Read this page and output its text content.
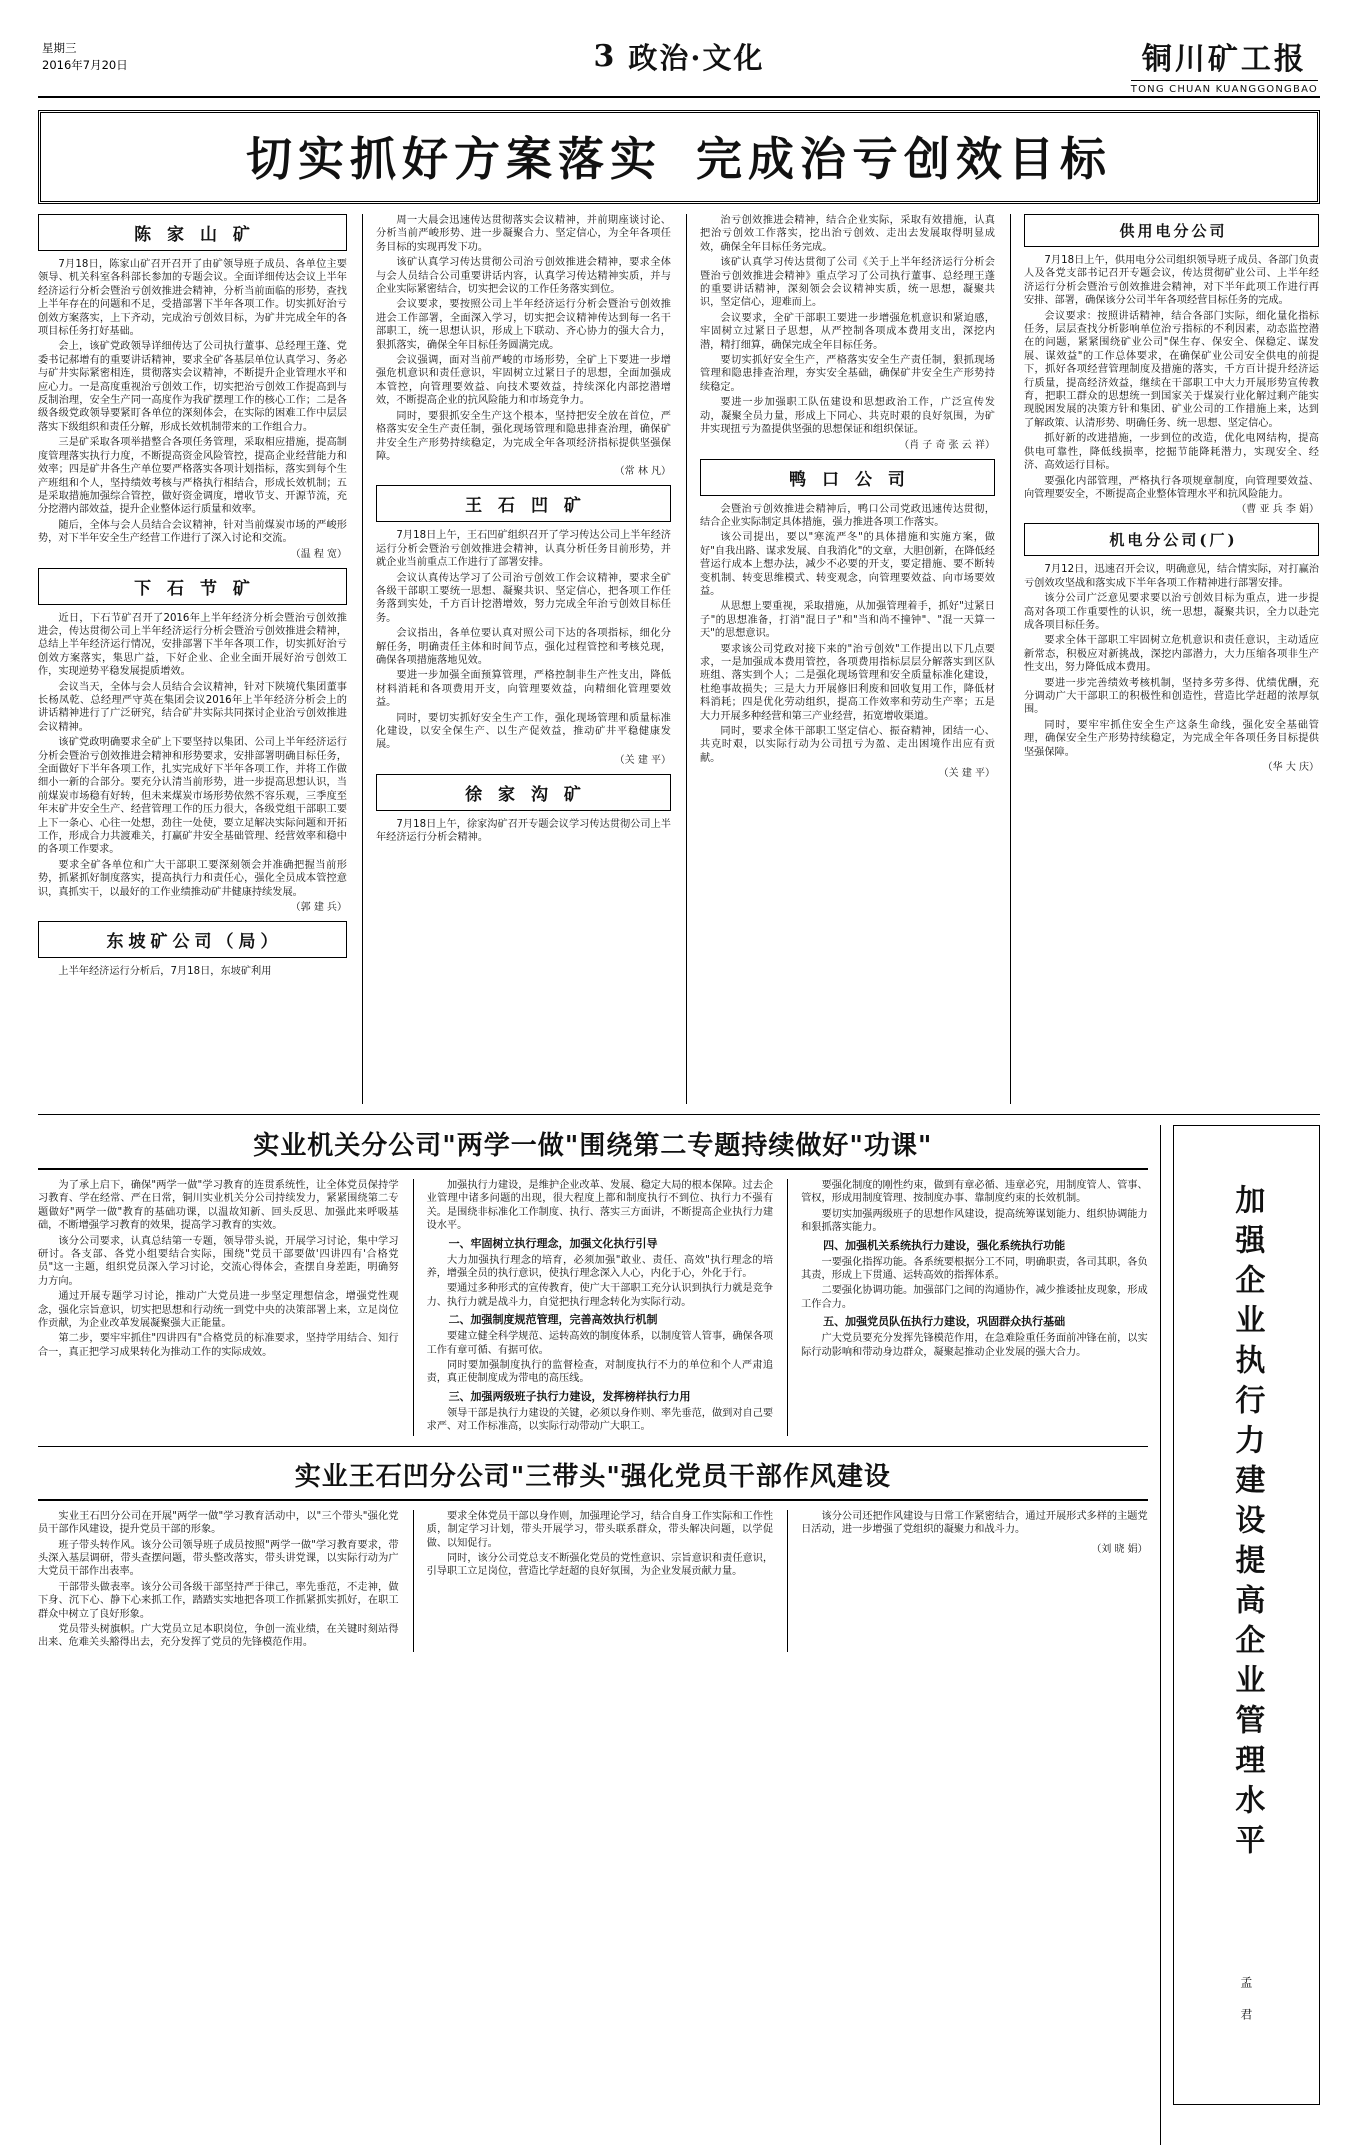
星期三
2016年7月20日	3 政治·文化	铜川矿工报
TONG CHUAN KUANGGONGBAO
切实抓好方案落实 完成治亏创效目标
陈 家 山 矿

7月18日，陈家山矿召开召开了由矿领导班子成员、各单位主要领导、机关科室各科部长参加的专题会议。全面详细传达会议上半年经济运行分析会暨治亏创效推进会精神，分析当前面临的形势，查找上半年存在的问题和不足，受措部署下半年各项工作。切实抓好治亏创效方案落实，上下齐动，完成治亏创效目标，为矿井完成全年的各项目标任务打好基础。

会上，该矿党政领导详细传达了公司执行董事、总经理王蓬、党委书记郝增有的重要讲话精神，要求全矿各基层单位认真学习、务必与矿井实际紧密相连，贯彻落实会议精神，不断提升企业管理水平和应心力。一是高度重视治亏创效工作，切实把治亏创效工作提高到与反制治理，安全生产同一高度作为我矿摆理工作的核心工作；二是各级各级党政领导要紧盯各单位的深刻体会，在实际的困难工作中层层落实下级组织和责任分解，形成长效机制带来的工作组合力。

三是矿采取各项举措整合各项任务管理，采取相应措施，提高制度管理落实执行力度，不断提高资金风险管控，提高企业经营能力和效率；四是矿井各生产单位要严格落实各项计划指标，落实到每个生产班组和个人，坚持绩效考核与严格执行相结合，形成长效机制；五是采取措施加强综合管控，做好资金调度，增收节支、开源节流，充分挖潜内部效益，提升企业整体运行质量和效率。

随后，全体与会人员结合会议精神，针对当前煤炭市场的严峻形势，对下半年安全生产经营工作进行了深入讨论和交流。

（温 程 宽）

下 石 节 矿

近日，下石节矿召开了2016年上半年经济分析会暨治亏创效推进会，传达贯彻公司上半年经济运行分析会暨治亏创效推进会精神，总结上半年经济运行情况，安排部署下半年各项工作，切实抓好治亏创效方案落实，集思广益，下好企业、企业全面开展好治亏创效工作，实现逆势平稳发展提质增效。

会议当天，全体与会人员结合会议精神，针对下陕境代集团董事长杨凤乾、总经理严守英在集团会议2016年上半年经济分析会上的讲话精神进行了广泛研究，结合矿井实际共同探讨企业治亏创效推进会议精神。

该矿党政明确要求全矿上下要坚持以集团、公司上半年经济运行分析会暨治亏创效推进会精神和形势要求，安排部署明确目标任务，全面做好下半年各项工作，扎实完成好下半年各项工作，并将工作做细小一新的合部分。要充分认清当前形势，进一步提高思想认识，当前煤炭市场稳有好转，但未来煤炭市场形势依然不容乐观，三季度至年末矿井安全生产、经营管理工作的压力很大，各级党组干部职工要上下一条心、心往一处想，劲往一处使，要立足解决实际问题和开拓工作，形成合力共渡难关，打赢矿井安全基础管理、经营效率和稳中的各项工作要求。

要求全矿各单位和广大干部职工要深刻领会并准确把握当前形势，抓紧抓好制度落实，提高执行力和责任心，强化全员成本管控意识，真抓实干，以最好的工作业绩推动矿井健康持续发展。

（郭 建 兵）

东坡矿公司（局）

上半年经济运行分析后，7月18日，东坡矿利用

周一大晨会迅速传达贯彻落实会议精神，并前期座谈讨论、分析当前严峻形势、进一步凝聚合力、坚定信心，为全年各项任务目标的实现再发下功。

该矿认真学习传达贯彻公司治亏创效推进会精神，要求全体与会人员结合公司重要讲话内容，认真学习传达精神实质，并与企业实际紧密结合，切实把会议的工作任务落实到位。

会议要求，要按照公司上半年经济运行分析会暨治亏创效推进会工作部署，全面深入学习，切实把会议精神传达到每一名干部职工，统一思想认识，形成上下联动、齐心协力的强大合力，狠抓落实，确保全年目标任务圆满完成。

会议强调，面对当前严峻的市场形势，全矿上下要进一步增强危机意识和责任意识，牢固树立过紧日子的思想，全面加强成本管控，向管理要效益、向技术要效益，持续深化内部挖潜增效，不断提高企业的抗风险能力和市场竞争力。

同时，要狠抓安全生产这个根本，坚持把安全放在首位，严格落实安全生产责任制，强化现场管理和隐患排查治理，确保矿井安全生产形势持续稳定，为完成全年各项经济指标提供坚强保障。

（常 林 凡）

王 石 凹 矿

7月18日上午，王石凹矿组织召开了学习传达公司上半年经济运行分析会暨治亏创效推进会精神，认真分析任务目前形势，并就企业当前重点工作进行了部署安排。

会议认真传达学习了公司治亏创效工作会议精神，要求全矿各级干部职工要统一思想、凝聚共识、坚定信心，把各项工作任务落到实处，千方百计挖潜增效，努力完成全年治亏创效目标任务。

会议指出，各单位要认真对照公司下达的各项指标，细化分解任务，明确责任主体和时间节点，强化过程管控和考核兑现，确保各项措施落地见效。

要进一步加强全面预算管理，严格控制非生产性支出，降低材料消耗和各项费用开支，向管理要效益，向精细化管理要效益。

同时，要切实抓好安全生产工作，强化现场管理和质量标准化建设，以安全保生产、以生产促效益，推动矿井平稳健康发展。

（关 建 平）

徐 家 沟 矿

7月18日上午，徐家沟矿召开专题会议学习传达贯彻公司上半年经济运行分析会精神。

治亏创效推进会精神，结合企业实际，采取有效措施，认真把治亏创效工作落实，挖出治亏创效、走出去发展取得明显成效，确保全年目标任务完成。

该矿认真学习传达贯彻了公司《关于上半年经济运行分析会暨治亏创效推进会精神》重点学习了公司执行董事、总经理王蓬的重要讲话精神，深刻领会会议精神实质，统一思想，凝聚共识，坚定信心，迎难而上。

会议要求，全矿干部职工要进一步增强危机意识和紧迫感，牢固树立过紧日子思想，从严控制各项成本费用支出，深挖内潜，精打细算，确保完成全年目标任务。

要切实抓好安全生产，严格落实安全生产责任制，狠抓现场管理和隐患排查治理，夯实安全基础，确保矿井安全生产形势持续稳定。

要进一步加强职工队伍建设和思想政治工作，广泛宣传发动，凝聚全员力量，形成上下同心、共克时艰的良好氛围，为矿井实现扭亏为盈提供坚强的思想保证和组织保证。

（肖 子 奇 张 云 祥）

鸭 口 公 司

会暨治亏创效推进会精神后，鸭口公司党政迅速传达贯彻，结合企业实际制定具体措施，强力推进各项工作落实。

该公司提出，要以"寒流严冬"的具体措施和实施方案，做好"自我出路、谋求发展、自我消化"的文章，大胆创新，在降低经营运行成本上想办法，减少不必要的开支，要定措施、要不断转变机制、转变思维模式、转变观念，向管理要效益、向市场要效益。

从思想上要重视，采取措施，从加强管理着手，抓好"过紧日子"的思想准备，打消"混日子"和"当和尚不撞钟"、"混一天算一天"的思想意识。

要求该公司党政对接下来的"治亏创效"工作提出以下几点要求，一是加强成本费用管控，各项费用指标层层分解落实到区队班组、落实到个人；二是强化现场管理和安全质量标准化建设，杜绝事故损失；三是大力开展修旧利废和回收复用工作，降低材料消耗；四是优化劳动组织，提高工作效率和劳动生产率；五是大力开展多种经营和第三产业经营，拓宽增收渠道。

同时，要求全体干部职工坚定信心、振奋精神，团结一心、共克时艰，以实际行动为公司扭亏为盈、走出困境作出应有贡献。

（关 建 平）

供用电分公司

7月18日上午，供用电分公司组织领导班子成员、各部门负责人及各党支部书记召开专题会议，传达贯彻矿业公司、上半年经济运行分析会暨治亏创效推进会精神，对下半年此项工作进行再安排、部署，确保该分公司半年各项经营目标任务的完成。

会议要求：按照讲话精神，结合各部门实际，细化量化指标任务，层层查找分析影响单位治亏指标的不利因素，动态监控潜在的问题，紧紧围绕矿业公司"保生存、保安全、保稳定、谋发展、谋效益"的工作总体要求，在确保矿业公司安全供电的前提下，抓好各项经营管理制度及措施的落实，千方百计提升经济运行质量，提高经济效益，继续在干部职工中大力开展形势宣传教育，把职工群众的思想统一到国家关于煤炭行业化解过剩产能实现脱困发展的决策方针和集团、矿业公司的工作措施上来，达到了解政策、认清形势、明确任务、统一思想、坚定信心。

抓好新的改进措施，一步到位的改造，优化电网结构，提高供电可靠性，降低线损率，挖掘节能降耗潜力，实现安全、经济、高效运行目标。

要强化内部管理，严格执行各项规章制度，向管理要效益、向管理要安全，不断提高企业整体管理水平和抗风险能力。

（曹 亚 兵 李 娟）

机电分公司(厂)

7月12日，迅速召开会议，明确意见，结合情实际，对打赢治亏创效攻坚战和落实成下半年各项工作精神进行部署安排。

该分公司广泛意见要求要以治亏创效目标为重点，进一步提高对各项工作重要性的认识，统一思想，凝聚共识，全力以赴完成各项目标任务。

要求全体干部职工牢固树立危机意识和责任意识，主动适应新常态，积极应对新挑战，深挖内部潜力，大力压缩各项非生产性支出，努力降低成本费用。

要进一步完善绩效考核机制，坚持多劳多得、优绩优酬，充分调动广大干部职工的积极性和创造性，营造比学赶超的浓厚氛围。

同时，要牢牢抓住安全生产这条生命线，强化安全基础管理，确保安全生产形势持续稳定，为完成全年各项任务目标提供坚强保障。

（华 大 庆）

实业机关分公司"两学一做"围绕第二专题持续做好"功课"

为了承上启下，确保"两学一做"学习教育的连贯系统性，让全体党员保持学习教育、学在经常、严在日常，铜川实业机关分公司持续发力，紧紧围绕第二专题做好"两学一做"教育的基础功课，以温故知新、回头反思、加强此来呼吸基础，不断增强学习教育的效果，提高学习教育的实效。

该分公司要求，认真总结第一专题，领导带头说，开展学习讨论，集中学习研讨。各支部、各党小组要结合实际，围绕"党员干部要做'四讲四有'合格党员"这一主题，组织党员深入学习讨论，交流心得体会，查摆自身差距，明确努力方向。

通过开展专题学习讨论，推动广大党员进一步坚定理想信念，增强党性观念，强化宗旨意识，切实把思想和行动统一到党中央的决策部署上来，立足岗位作贡献，为企业改革发展凝聚强大正能量。

第二步，要牢牢抓住"四讲四有"合格党员的标准要求，坚持学用结合、知行合一，真正把学习成果转化为推动工作的实际成效。

加强执行力建设，是维护企业改革、发展、稳定大局的根本保障。过去企业管理中诸多问题的出现，很大程度上都和制度执行不到位、执行力不强有关。是围绕非标准化工作制度、执行、落实三方面讲，不断提高企业执行力建设水平。

一、牢固树立执行理念，加强文化执行引导

大力加强执行理念的培育，必须加强"敢业、责任、高效"执行理念的培养，增强全员的执行意识，使执行理念深入人心，内化于心，外化于行。

要通过多种形式的宣传教育，使广大干部职工充分认识到执行力就是竞争力、执行力就是战斗力，自觉把执行理念转化为实际行动。

二、加强制度规范管理，完善高效执行机制

要建立健全科学规范、运转高效的制度体系，以制度管人管事，确保各项工作有章可循、有据可依。

同时要加强制度执行的监督检查，对制度执行不力的单位和个人严肃追责，真正使制度成为带电的高压线。

三、加强两级班子执行力建设，发挥榜样执行力用

领导干部是执行力建设的关键，必须以身作则、率先垂范，做到对自己要求严、对工作标准高，以实际行动带动广大职工。

要强化制度的刚性约束，做到有章必循、违章必究，用制度管人、管事、管权，形成用制度管理、按制度办事、靠制度约束的长效机制。

要切实加强两级班子的思想作风建设，提高统筹谋划能力、组织协调能力和狠抓落实能力。

四、加强机关系统执行力建设，强化系统执行功能

一要强化指挥功能。各系统要根据分工不同，明确职责，各司其职，各负其责，形成上下贯通、运转高效的指挥体系。

二要强化协调功能。加强部门之间的沟通协作，减少推诿扯皮现象，形成工作合力。

五、加强党员队伍执行力建设，巩固群众执行基础

广大党员要充分发挥先锋模范作用，在急难险重任务面前冲锋在前，以实际行动影响和带动身边群众，凝聚起推动企业发展的强大合力。

实业王石凹分公司"三带头"强化党员干部作风建设

实业王石凹分公司在开展"两学一做"学习教育活动中，以"三个带头"强化党员干部作风建设，提升党员干部的形象。

班子带头转作风。该分公司领导班子成员按照"两学一做"学习教育要求，带头深入基层调研，带头查摆问题，带头整改落实，带头讲党课，以实际行动为广大党员干部作出表率。

干部带头做表率。该分公司各级干部坚持严于律己，率先垂范，不走神，做下身、沉下心、静下心来抓工作，踏踏实实地把各项工作抓紧抓实抓好，在职工群众中树立了良好形象。

党员带头树旗帜。广大党员立足本职岗位，争创一流业绩，在关键时刻站得出来、危难关头豁得出去，充分发挥了党员的先锋模范作用。

要求全体党员干部以身作则，加强理论学习，结合自身工作实际和工作性质，制定学习计划，带头开展学习，带头联系群众，带头解决问题，以学促做、以知促行。

同时，该分公司党总支不断强化党员的党性意识、宗旨意识和责任意识，引导职工立足岗位，营造比学赶超的良好氛围，为企业发展贡献力量。

该分公司还把作风建设与日常工作紧密结合，通过开展形式多样的主题党日活动，进一步增强了党组织的凝聚力和战斗力。

（刘 晓 娟）	加强企业执行力建设提高企业管理水平
孟 君
